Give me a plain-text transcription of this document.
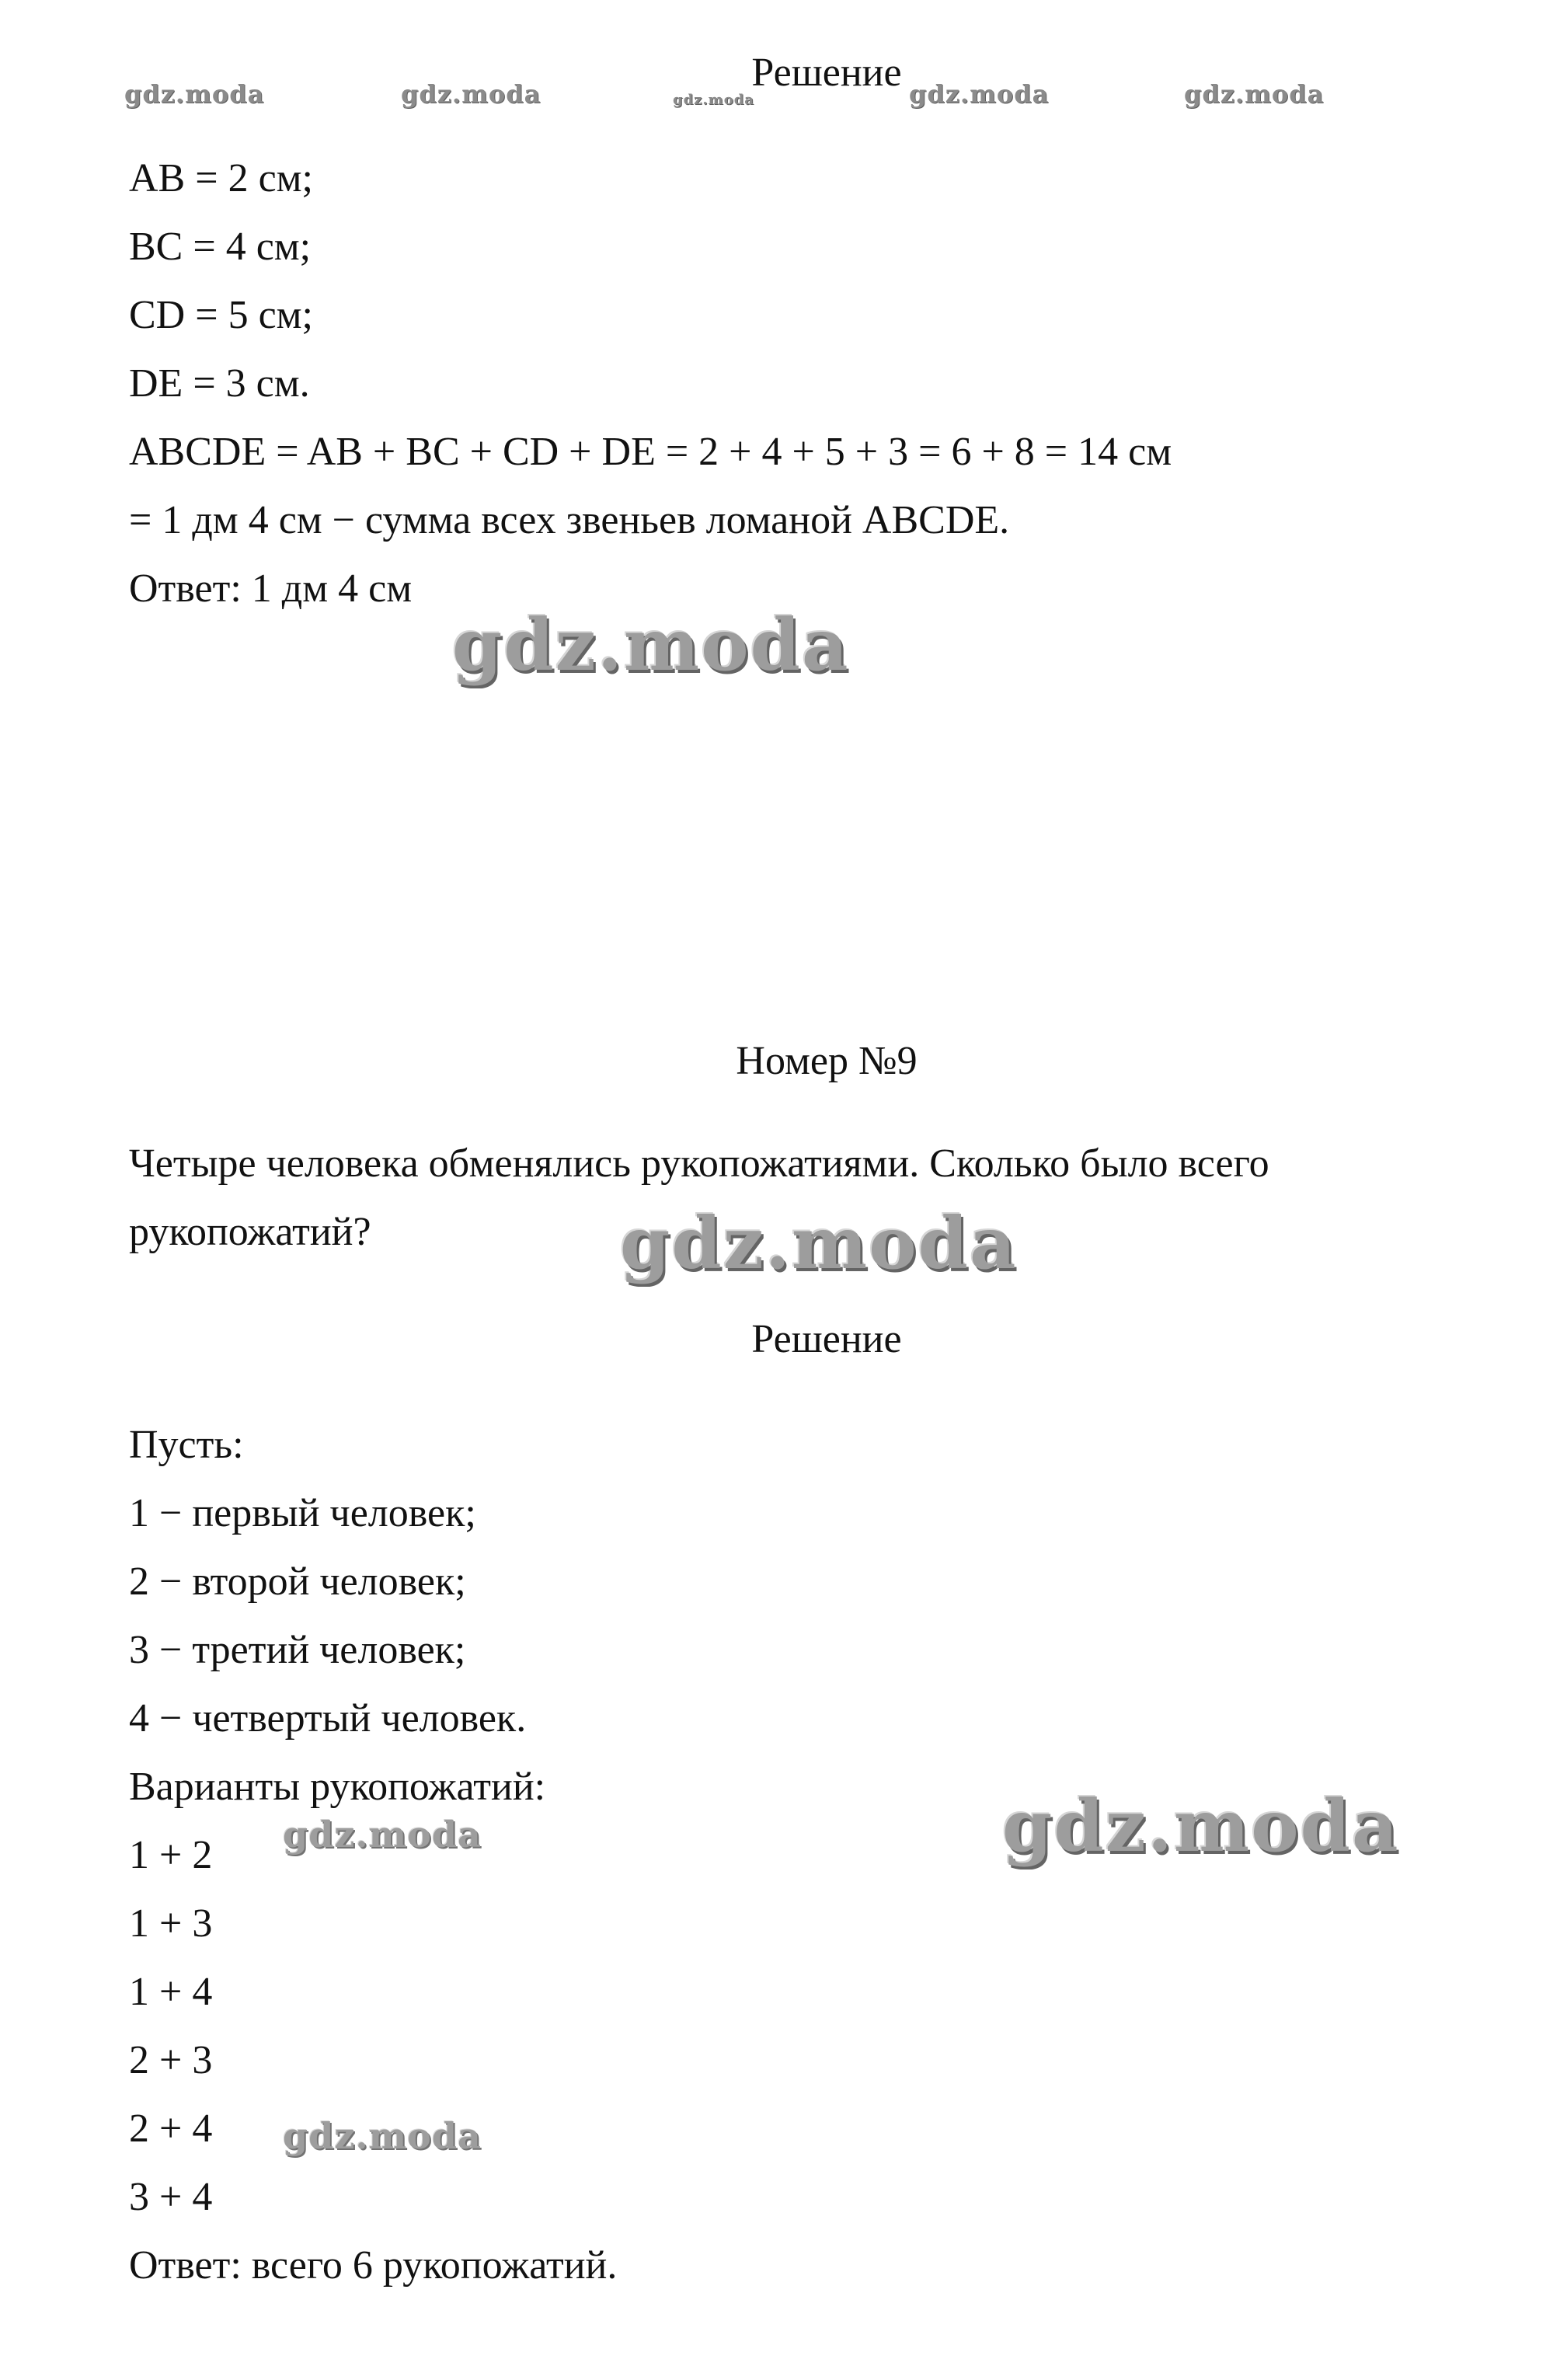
Решение

AB = 2 см;

BC = 4 см;

CD = 5 см;

DE = 3 см.

ABCDE = AB + BC + CD + DE = 2 + 4 + 5 + 3 = 6 + 8 = 14 см

= 1 дм 4 см − сумма всех звеньев ломаной ABCDE.

Ответ: 1 дм 4 см

Номер №9

Четыре человека обменялись рукопожатиями. Сколько было всего

рукопожатий?

Решение

Пусть:

1 − первый человек;

2 − второй человек;

3 − третий человек;

4 − четвертый человек.

Варианты рукопожатий:

1 + 2

1 + 3

1 + 4

2 + 3

2 + 4

3 + 4

Ответ: всего 6 рукопожатий.

gdz.moda	gdz.moda	gdz.moda	gdz.moda	gdz.moda
gdz.moda
gdz.moda
gdz.moda
gdz.moda
gdz.moda
